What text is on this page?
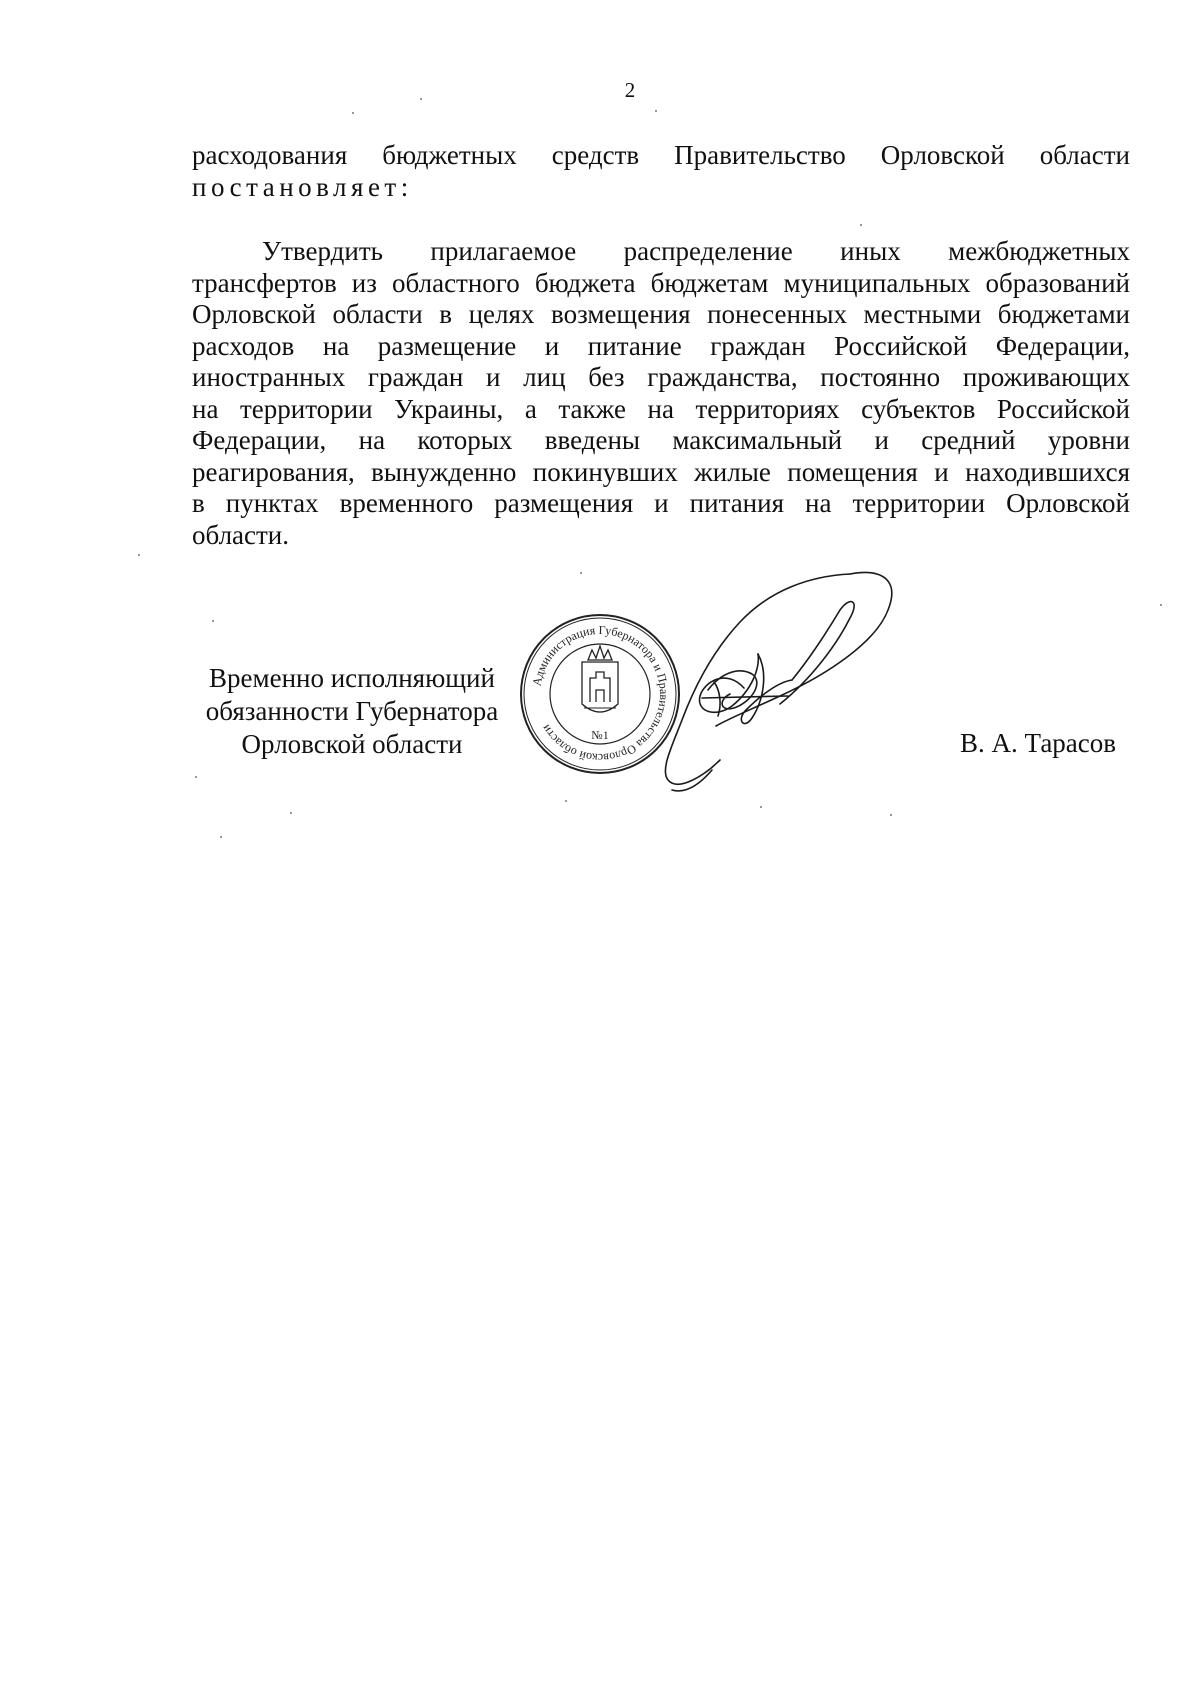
2
расходования бюджетных средств Правительство Орловской области
постановляет:
Утвердить прилагаемое распределение иных межбюджетных
трансфертов из областного бюджета бюджетам муниципальных образований
Орловской области в целях возмещения понесенных местными бюджетами
расходов на размещение и питание граждан Российской Федерации,
иностранных граждан и лиц без гражданства, постоянно проживающих
на территории Украины, а также на территориях субъектов Российской
Федерации, на которых введены максимальный и средний уровни
реагирования, вынужденно покинувших жилые помещения и находившихся
в пунктах временного размещения и питания на территории Орловской
области.
Временно исполняющий
обязанности Губернатора
Орловской области
Администрация Губернатора и Правительства Орловской области	№1	В. А. Тарасов
